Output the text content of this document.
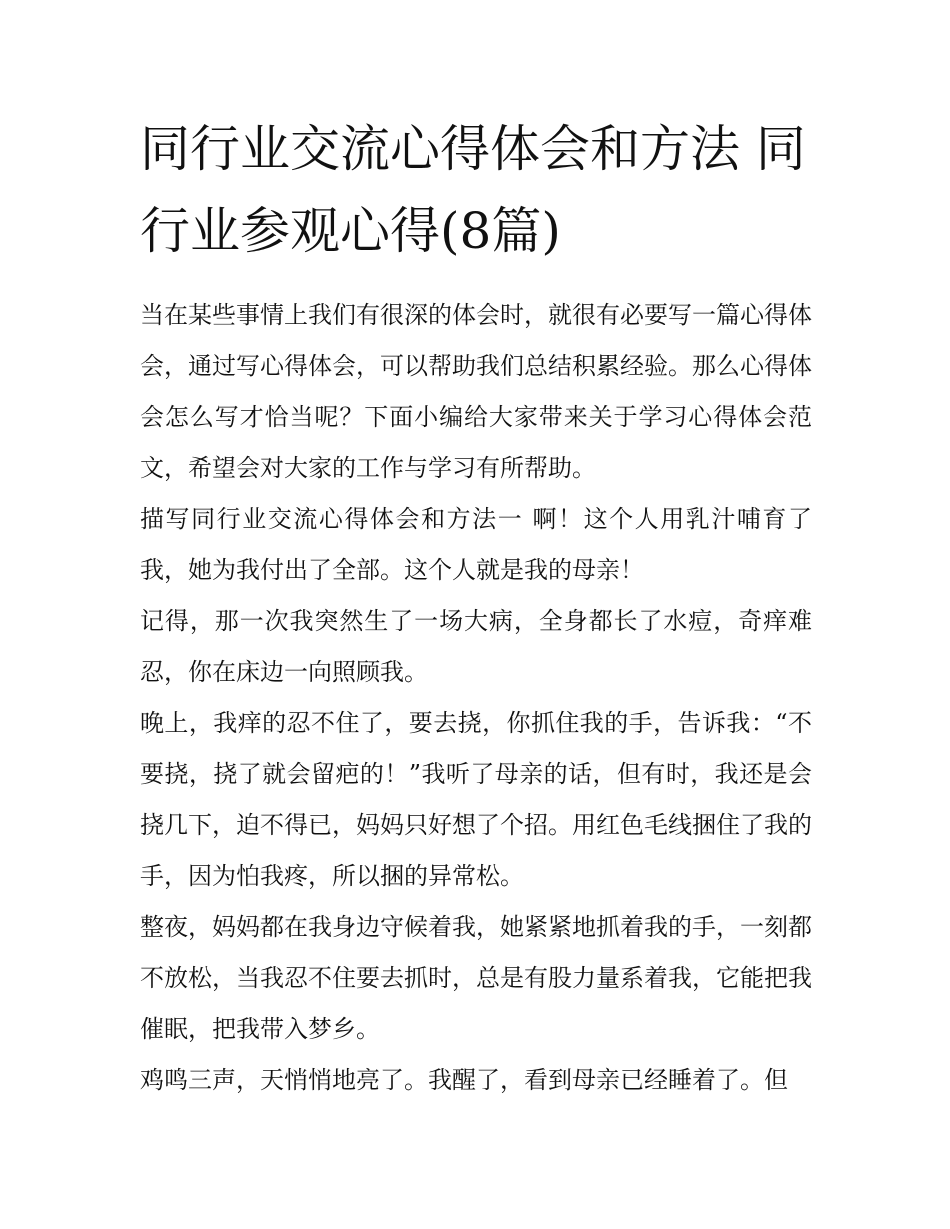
同行业交流心得体会和方法 同行业参观心得(8篇)

当在某些事情上我们有很深的体会时，就很有必要写一篇心得体会，通过写心得体会，可以帮助我们总结积累经验。那么心得体会怎么写才恰当呢？下面小编给大家带来关于学习心得体会范文，希望会对大家的工作与学习有所帮助。

描写同行业交流心得体会和方法一 啊！这个人用乳汁哺育了我，她为我付出了全部。这个人就是我的母亲！

记得，那一次我突然生了一场大病，全身都长了水痘，奇痒难忍，你在床边一向照顾我。

晚上，我痒的忍不住了，要去挠，你抓住我的手，告诉我：“不要挠，挠了就会留疤的！”我听了母亲的话，但有时，我还是会挠几下，迫不得已，妈妈只好想了个招。用红色毛线捆住了我的手，因为怕我疼，所以捆的异常松。

整夜，妈妈都在我身边守候着我，她紧紧地抓着我的手，一刻都不放松，当我忍不住要去抓时，总是有股力量系着我，它能把我催眠，把我带入梦乡。

鸡鸣三声，天悄悄地亮了。我醒了，看到母亲已经睡着了。但
